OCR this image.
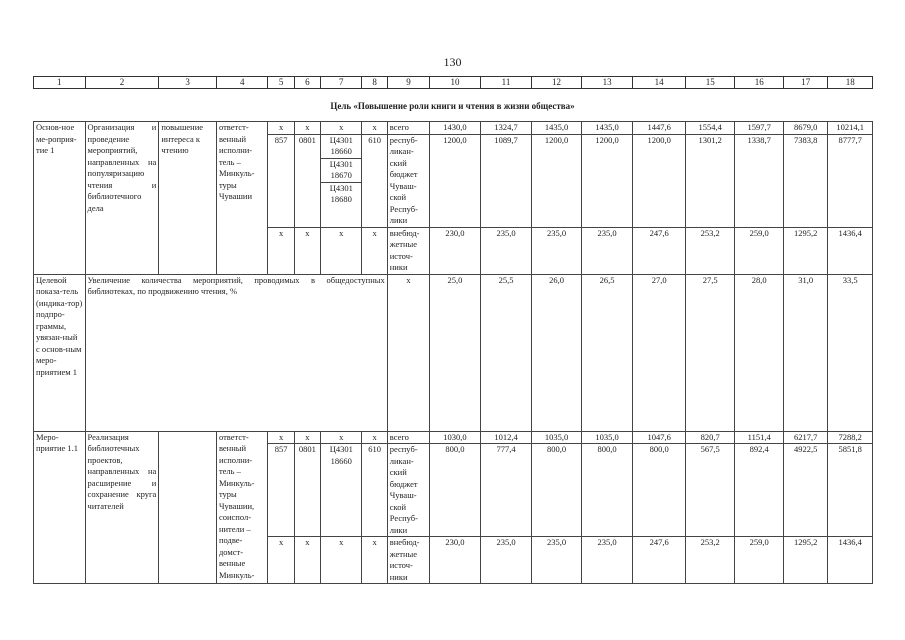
130
1	2	3	4	5	6	7	8	9	10	11	12	13	14	15	16	17	18
Цель «Повышение роли книги и чтения в жизни общества»
Основ-ное ме-роприя-тие 1	Организация и проведение мероприятий, направленных на популяризацию чтения и библиотечного дела	повышение интереса к чтению	ответст-венный исполни-тель – Минкуль-туры Чувашии	x	x	x	x	всего	1430,0	1324,7	1435,0	1435,0	1447,6	1554,4	1597,7	8679,0	10214,1
				857	0801	Ц4301 18660
Ц4301 18670
Ц4301 18680	610	респуб-ликан-ский бюджет Чуваш-ской Респуб-лики	1200,0	1089,7	1200,0	1200,0	1200,0	1301,2	1338,7	7383,8	8777,7
				x	x	x	x	внебюд-жетные источ-ники	230,0	235,0	235,0	235,0	247,6	253,2	259,0	1295,2	1436,4
Целевой показа-тель (индика-тор) подпро-граммы, увязан-ный с основ-ным меро-приятием 1	Увеличение количества мероприятий, проводимых в общедоступных библиотеках, по продвижению чтения, %							x	25,0	25,5	26,0	26,5	27,0	27,5	28,0	31,0	33,5
Меро-приятие 1.1	Реализация библиотечных проектов, направленных на расширение и сохранение круга читателей		ответст-венный исполни-тель – Минкуль-туры Чувашии, соиспол-нители – подве-домст-венные Минкуль-	x	x	x	x	всего	1030,0	1012,4	1035,0	1035,0	1047,6	820,7	1151,4	6217,7	7288,2
				857	0801	Ц4301 18660	610	респуб-ликан-ский бюджет Чуваш-ской Респуб-лики	800,0	777,4	800,0	800,0	800,0	567,5	892,4	4922,5	5851,8
				x	x	x	x	внебюд-жетные источ-ники	230,0	235,0	235,0	235,0	247,6	253,2	259,0	1295,2	1436,4
